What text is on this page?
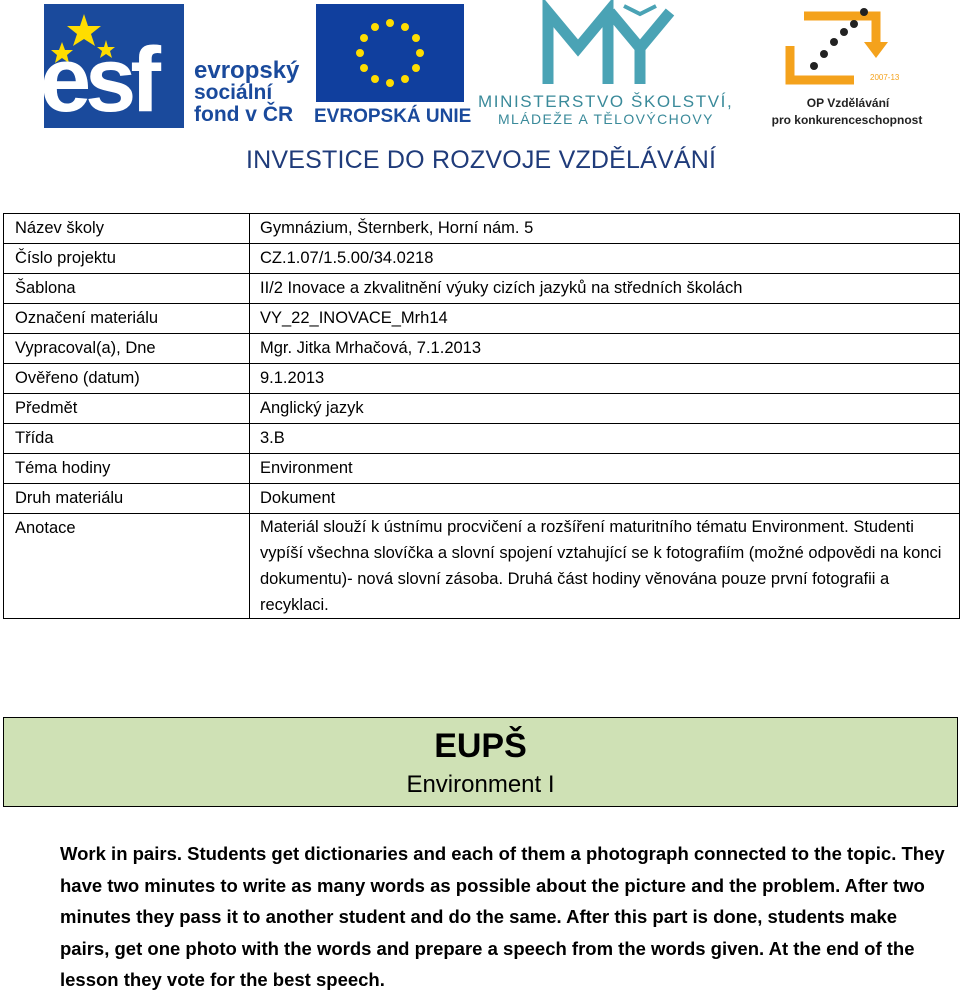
esf evropský
sociální
fond v ČR	EVROPSKÁ UNIE
MINISTERSTVO ŠKOLSTVÍ,
MLÁDEŽE A TĚLOVÝCHOVY
2007-13
OP Vzdělávání
pro konkurenceschopnost
INVESTICE DO ROZVOJE VZDĚLÁVÁNÍ
Název školy	Gymnázium, Šternberk, Horní nám. 5
Číslo projektu	CZ.1.07/1.5.00/34.0218
Šablona	II/2 Inovace a zkvalitnění výuky cizích jazyků na středních školách
Označení materiálu	VY_22_INOVACE_Mrh14
Vypracoval(a), Dne	Mgr. Jitka Mrhačová, 7.1.2013
Ověřeno (datum)	9.1.2013
Předmět	Anglický jazyk
Třída	3.B
Téma hodiny	Environment
Druh materiálu	Dokument
Anotace	Materiál slouží k ústnímu procvičení a rozšíření maturitního tématu Environment. Studenti vypíší všechna slovíčka a slovní spojení vztahující se k fotografiím (možné odpovědi na konci dokumentu)- nová slovní zásoba. Druhá část hodiny věnována pouze první fotografii a recyklaci.
EUPŠ
Environment I
Work in pairs. Students get dictionaries and each of them a photograph connected to the topic. They have two minutes to write as many words as possible about the picture and the problem. After two minutes they pass it to another student and do the same. After this part is done, students make pairs, get one photo with the words and prepare a speech from the words given. At the end of the lesson they vote for the best speech.
